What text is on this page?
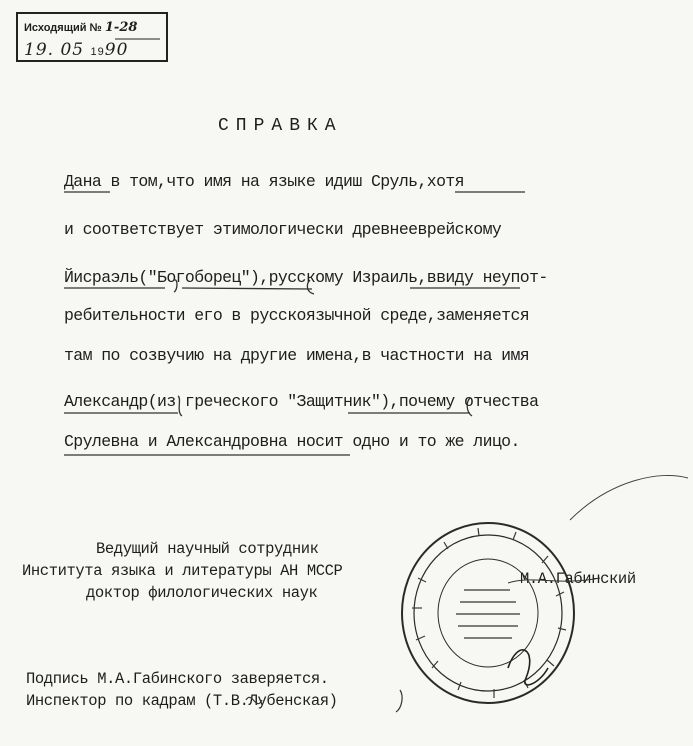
Исходящий № 1-28
19. 05 1990
СПРАВКА
Дана в том,что имя на языке идиш Сруль,хотя
и соответствует этимологически древнееврейскому
Йисраэль("Богоборец"),русскому Израиль,ввиду неупот-
ребительности его в русскоязычной среде,заменяется
там по созвучию на другие имена,в частности на имя
Александр(из греческого "Защитник"),почему отчества
Срулевна и Александровна носит одно и то же лицо.
Ведущий научный сотрудник
Института языка и литературы АН МССР
доктор филологических наук
М.А.Габинский
Подпись М.А.Габинского заверяется.
Инспектор по кадрам (Т.В.Лубенская)
